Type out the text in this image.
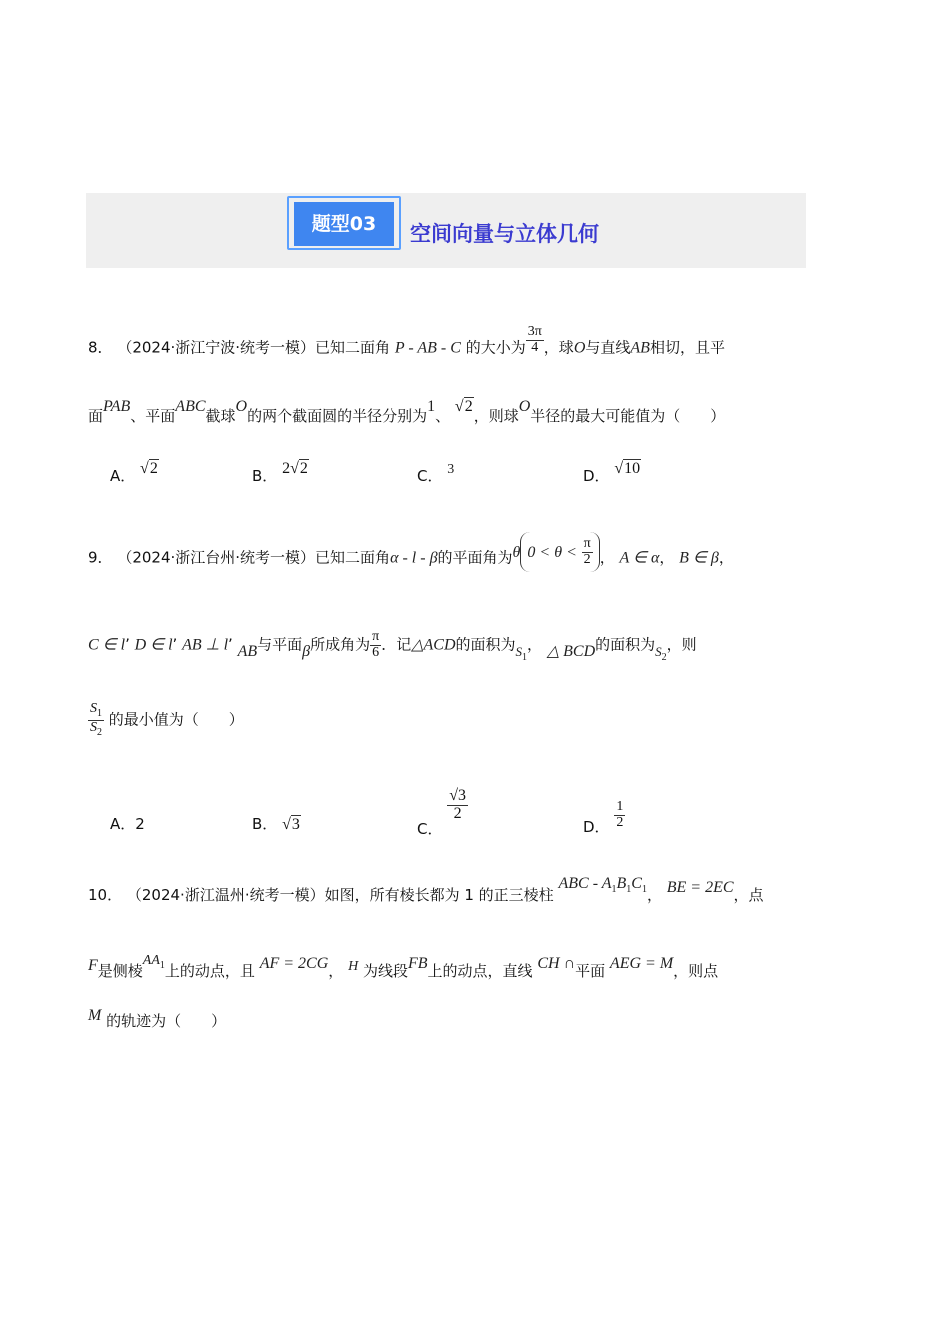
题型03	空间向量与立体几何
8． （2024·浙江宁波·统考一模）已知二面角 P - AB - C 的大小为 $\frac{3\pi}{4}$ ，球O与直线AB相切，且平
面PAB、平面ABC截球O的两个截面圆的半径分别为1、 √2，则球O半径的最大可能值为（　　）
A． √2	B． 2√2	C． 3	D． √10
9． （2024·浙江台州·统考一模）已知二面角α - l - β的平面角为θ $0 < \theta < \frac{\pi}{2}$ ， A ∈ α， B ∈ β，
C ∈ l’ D ∈ l’ AB ⊥ l’ AB与平面β所成角为 $\frac{\pi}{6}$ ．记△ACD的面积为$S_1$， △ BCD的面积为$S_2$，则
$\frac{S_1}{S_2}$ 的最小值为（　　）
A．2	B． √3	C．
$\frac{√3}{2}$
D． $\frac{1}{2}$
10． （2024·浙江温州·统考一模）如图，所有棱长都为 1 的正三棱柱 ABC - $A_1B_1C_1$， BE = 2EC，点
F是侧棱$AA_1$上的动点，且 AF = 2CG， H 为线段FB上的动点，直线 CH ∩平面 AEG = M，则点
M 的轨迹为（　　）
